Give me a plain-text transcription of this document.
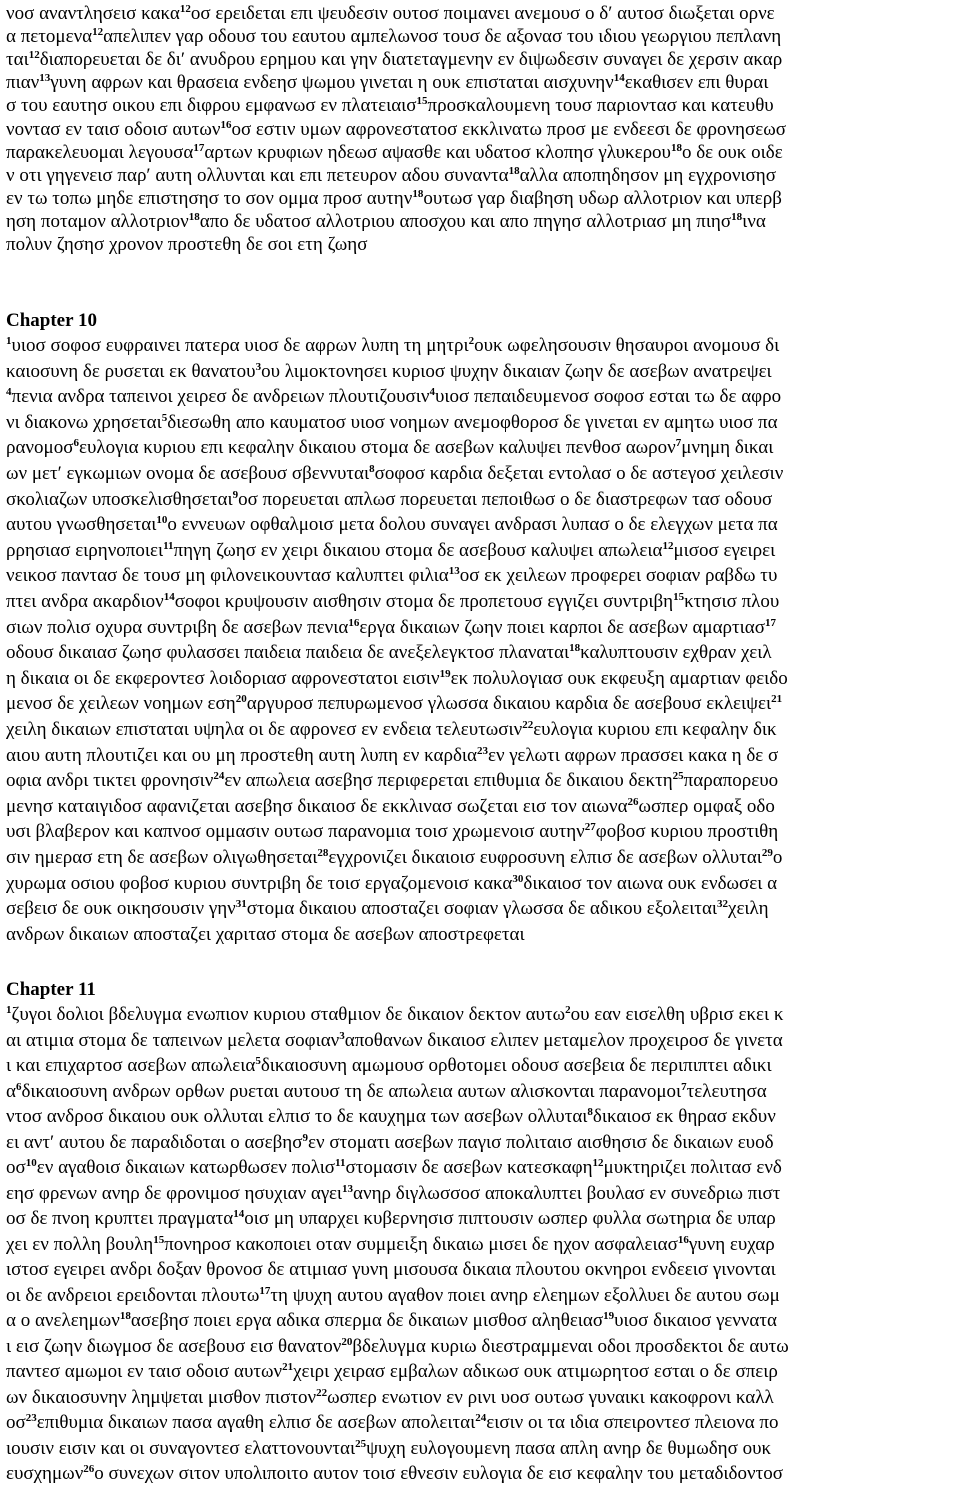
νοσ αναντλησεισ κακα$^{12}$οσ ερειδεται επι ψευδεσιν ουτοσ ποιμανει ανεμουσ ο δ′ αυτοσ διωξεται ορνε
α πετομενα$^{12}$απελιπεν γαρ οδουσ του εαυτου αμπελωνοσ τουσ δε αξονασ του ιδιου γεωργιου πεπλανη
ται$^{12}$διαπορευεται δε δι′ ανυδρου ερημου και γην διατεταγμενην εν διψωδεσιν συναγει δε χερσιν ακαρ
πιαν$^{13}$γυνη αφρων και θρασεια ενδεησ ψωμου γινεται η ουκ επισταται αισχυνην$^{14}$εκαθισεν επι θυραι
σ του εαυτησ οικου επι διφρου εμφανωσ εν πλατειαισ$^{15}$προσκαλουμενη τουσ παριοντασ και κατευθυ
νοντασ εν ταισ οδοισ αυτων$^{16}$οσ εστιν υμων αφρονεστατοσ εκκλινατω προσ με ενδεεσι δε φρονησεωσ
παρακελευομαι λεγουσα$^{17}$αρτων κρυφιων ηδεωσ αψασθε και υδατοσ κλοπησ γλυκερου$^{18}$ο δε ουκ οιδε
ν οτι γηγενεισ παρ′ αυτη ολλυνται και επι πετευρον αδου συναντα$^{18}$αλλα αποπηδησον μη εγχρονισησ
εν τω τοπω μηδε επιστησησ το σον ομμα προσ αυτην$^{18}$ουτωσ γαρ διαβηση υδωρ αλλοτριον και υπερβ
ηση ποταμον αλλοτριον$^{18}$απο δε υδατοσ αλλοτριου αποσχου και απο πηγησ αλλοτριασ μη πιησ$^{18}$ινα
πολυν ζησησ χρονον προστεθη δε σοι ετη ζωησ
Chapter 10
$^1$υιοσ σοφοσ ευφραινει πατερα υιοσ δε αφρων λυπη τη μητρι$^2$ουκ ωφελησουσιν θησαυροι ανομουσ δι
καιοσυνη δε ρυσεται εκ θανατου$^3$ου λιμοκτονησει κυριοσ ψυχην δικαιαν ζωην δε ασεβων ανατρεψει
$^4$πενια ανδρα ταπεινοι χειρεσ δε ανδρειων πλουτιζουσιν$^4$υιοσ πεπαιδευμενοσ σοφοσ εσται τω δε αφρο
νι διακονω χρησεται$^5$διεσωθη απο καυματοσ υιοσ νοημων ανεμοφθοροσ δε γινεται εν αμητω υιοσ πα
ρανομοσ$^6$ευλογια κυριου επι κεφαλην δικαιου στομα δε ασεβων καλυψει πενθοσ αωρον$^7$μνημη δικαι
ων μετ′ εγκωμιων ονομα δε ασεβουσ σβεννυται$^8$σοφοσ καρδια δεξεται εντολασ ο δε αστεγοσ χειλεσιν
σκολιαζων υποσκελισθησεται$^9$οσ πορευεται απλωσ πορευεται πεποιθωσ ο δε διαστρεφων τασ οδουσ
αυτου γνωσθησεται$^{10}$ο εννευων οφθαλμοισ μετα δολου συναγει ανδρασι λυπασ ο δε ελεγχων μετα πα
ρρησιασ ειρηνοποιει$^{11}$πηγη ζωησ εν χειρι δικαιου στομα δε ασεβουσ καλυψει απωλεια$^{12}$μισοσ εγειρει
νεικοσ παντασ δε τουσ μη φιλονεικουντασ καλυπτει φιλια$^{13}$οσ εκ χειλεων προφερει σοφιαν ραβδω τυ
πτει ανδρα ακαρδιον$^{14}$σοφοι κρυψουσιν αισθησιν στομα δε προπετουσ εγγιζει συντριβη$^{15}$κτησισ πλου
σιων πολισ οχυρα συντριβη δε ασεβων πενια$^{16}$εργα δικαιων ζωην ποιει καρποι δε ασεβων αμαρτιασ$^{17}$
οδουσ δικαιασ ζωησ φυλασσει παιδεια παιδεια δε ανεξελεγκτοσ πλαναται$^{18}$καλυπτουσιν εχθραν χειλ
η δικαια οι δε εκφεροντεσ λοιδοριασ αφρονεστατοι εισιν$^{19}$εκ πολυλογιασ ουκ εκφευξη αμαρτιαν φειδο
μενοσ δε χειλεων νοημων εση$^{20}$αργυροσ πεπυρωμενοσ γλωσσα δικαιου καρδια δε ασεβουσ εκλειψει$^{21}$
χειλη δικαιων επισταται υψηλα οι δε αφρονεσ εν ενδεια τελευτωσιν$^{22}$ευλογια κυριου επι κεφαλην δικ
αιου αυτη πλουτιζει και ου μη προστεθη αυτη λυπη εν καρδια$^{23}$εν γελωτι αφρων πρασσει κακα η δε σ
οφια ανδρι τικτει φρονησιν$^{24}$εν απωλεια ασεβησ περιφερεται επιθυμια δε δικαιου δεκτη$^{25}$παραπορευο
μενησ καταιγιδοσ αφανιζεται ασεβησ δικαιοσ δε εκκλινασ σωζεται εισ τον αιωνα$^{26}$ωσπερ ομφαξ οδο
υσι βλαβερον και καπνοσ ομμασιν ουτωσ παρανομια τοισ χρωμενοισ αυτην$^{27}$φοβοσ κυριου προστιθη
σιν ημερασ ετη δε ασεβων ολιγωθησεται$^{28}$εγχρονιζει δικαιοισ ευφροσυνη ελπισ δε ασεβων ολλυται$^{29}$ο
χυρωμα οσιου φοβοσ κυριου συντριβη δε τοισ εργαζομενοισ κακα$^{30}$δικαιοσ τον αιωνα ουκ ενδωσει α
σεβεισ δε ουκ οικησουσιν γην$^{31}$στομα δικαιου αποσταζει σοφιαν γλωσσα δε αδικου εξολειται$^{32}$χειλη
ανδρων δικαιων αποσταζει χαριτασ στομα δε ασεβων αποστρεφεται
Chapter 11
$^1$ζυγοι δολιοι βδελυγμα ενωπιον κυριου σταθμιον δε δικαιον δεκτον αυτω$^2$ου εαν εισελθη υβρισ εκει κ
αι ατιμια στομα δε ταπεινων μελετα σοφιαν$^3$αποθανων δικαιοσ ελιπεν μεταμελον προχειροσ δε γινετα
ι και επιχαρτοσ ασεβων απωλεια$^5$δικαιοσυνη αμωμουσ ορθοτομει οδουσ ασεβεια δε περιπιπτει αδικι
$\alpha^6\delta\iota\kappa\alpha\iota o\sigma\upsilon\nu\eta$ ανδρων ορθων ρυεται αυτουσ τη δε απωλεια αυτων αλισκονται παρανομοι$^7$τελευτησα
ντοσ ανδροσ δικαιου ουκ ολλυται ελπισ το δε καυχημα των ασεβων ολλυται$^8$δικαιοσ εκ θηρασ εκδυν
ει αντ′ αυτου δε παραδιδοται ο ασεβησ$^9$εν στοματι ασεβων παγισ πολιταισ αισθησισ δε δικαιων ευοδ
$o\sigma^{10}\varepsilon\nu$ αγαθοισ δικαιων κατωρθωσεν πολισ$^{11}$στομασιν δε ασεβων κατεσκαφη$^{12}$μυκτηριζει πολιτασ ενδ
εησ φρενων ανηρ δε φρονιμοσ ησυχιαν αγει$^{13}$ανηρ διγλωσσοσ αποκαλυπτει βουλασ εν συνεδριω πιστ
οσ δε πνοη κρυπτει πραγματα$^{14}$οισ μη υπαρχει κυβερνησισ πιπτουσιν ωσπερ φυλλα σωτηρια δε υπαρ
χει εν πολλη βουλη$^{15}$πονηροσ κακοποιει οταν συμμειξη δικαιω μισει δε ηχον ασφαλειασ$^{16}$γυνη ευχαρ
ιστοσ εγειρει ανδρι δοξαν θρονοσ δε ατιμιασ γυνη μισουσα δικαια πλουτου οκνηροι ενδεεισ γινονται
οι δε ανδρειοι ερειδονται πλουτω$^{17}$τη ψυχη αυτου αγαθον ποιει ανηρ ελεημων εξολλυει δε αυτου σωμ
α ο ανελεημων$^{18}$ασεβησ ποιει εργα αδικα σπερμα δε δικαιων μισθοσ αληθειασ$^{19}$υιοσ δικαιοσ γεννατα
ι εισ ζωην διωγμοσ δε ασεβουσ εισ θανατον$^{20}$βδελυγμα κυριω διεστραμμεναι οδοι προσδεκτοι δε αυτω
παντεσ αμωμοι εν ταισ οδοισ αυτων$^{21}$χειρι χειρασ εμβαλων αδικωσ ουκ ατιμωρητοσ εσται ο δε σπειρ
ων δικαιοσυνην λημψεται μισθον πιστον$^{22}$ωσπερ ενωτιον εν ρινι υοσ ουτωσ γυναικι κακοφρονι καλλ
$o\sigma^{23}\varepsilon\pi\iota\theta\upsilon\mu\iota\alpha$ δικαιων πασα αγαθη ελπισ δε ασεβων απολειται$^{24}$εισιν οι τα ιδια σπειροντεσ πλειονα πο
ιουσιν εισιν και οι συναγοντεσ ελαττονουνται$^{25}$ψυχη ευλογουμενη πασα απλη ανηρ δε θυμωδησ ουκ
ευσχημων$^{26}$ο συνεχων σιτον υπολιποιτο αυτον τοισ εθνεσιν ευλογια δε εισ κεφαλην του μεταδιδοντοσ
